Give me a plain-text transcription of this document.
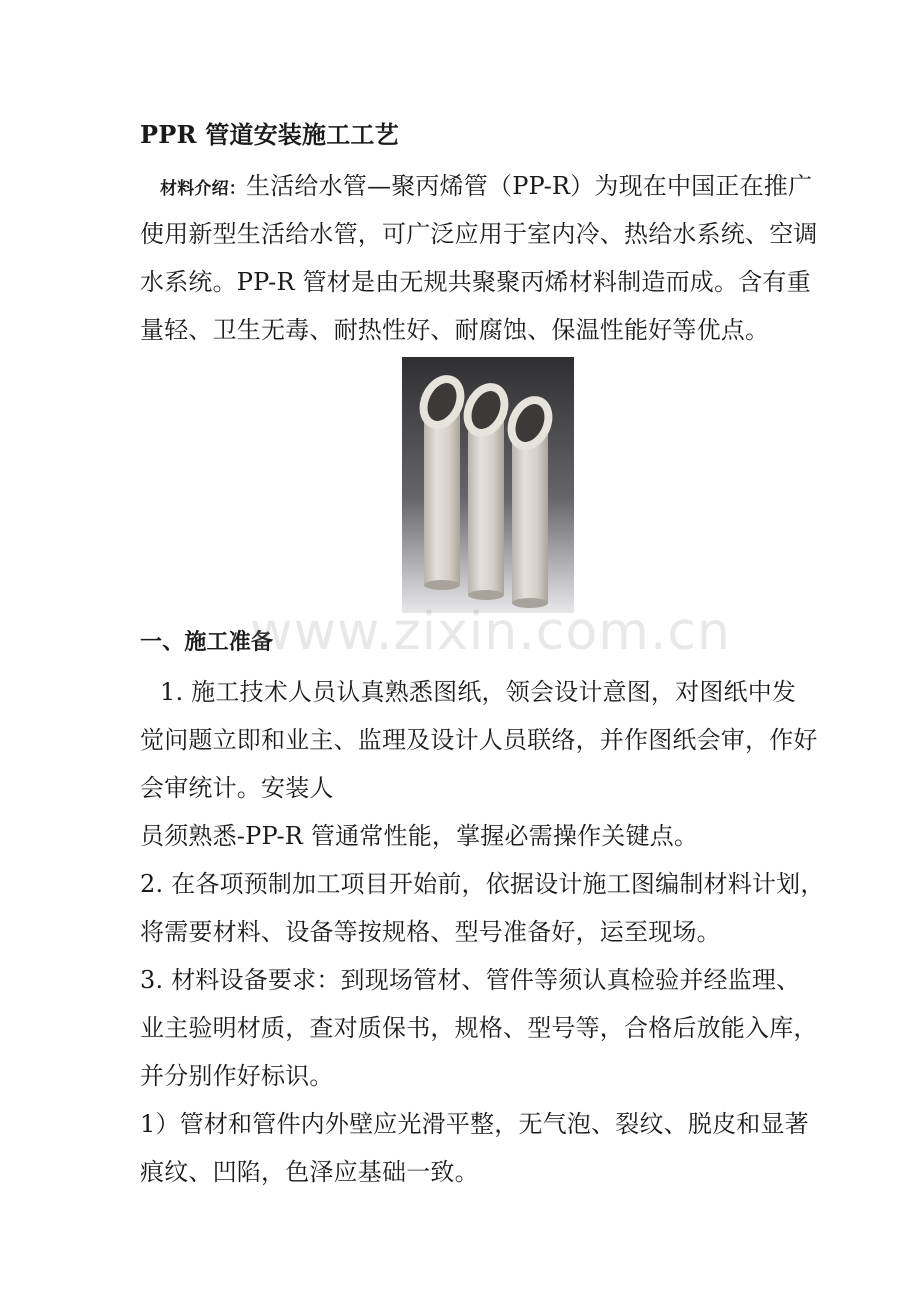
PPR 管道安装施工工艺
材料介绍：生活给水管—聚丙烯管（PP-R）为现在中国正在推广
使用新型生活给水管，可广泛应用于室内冷、热给水系统、空调
水系统。PP-R 管材是由无规共聚聚丙烯材料制造而成。含有重
量轻、卫生无毒、耐热性好、耐腐蚀、保温性能好等优点。
一、施工准备
www.zixin.com.cn
1. 施工技术人员认真熟悉图纸，领会设计意图，对图纸中发
觉问题立即和业主、监理及设计人员联络，并作图纸会审，作好
会审统计。安装人
员须熟悉-PP-R 管通常性能，掌握必需操作关键点。
2. 在各项预制加工项目开始前，依据设计施工图编制材料计划，
将需要材料、设备等按规格、型号准备好，运至现场。
3. 材料设备要求：到现场管材、管件等须认真检验并经监理、
业主验明材质，查对质保书，规格、型号等，合格后放能入库，
并分别作好标识。
1）管材和管件内外壁应光滑平整，无气泡、裂纹、脱皮和显著
痕纹、凹陷，色泽应基础一致。
